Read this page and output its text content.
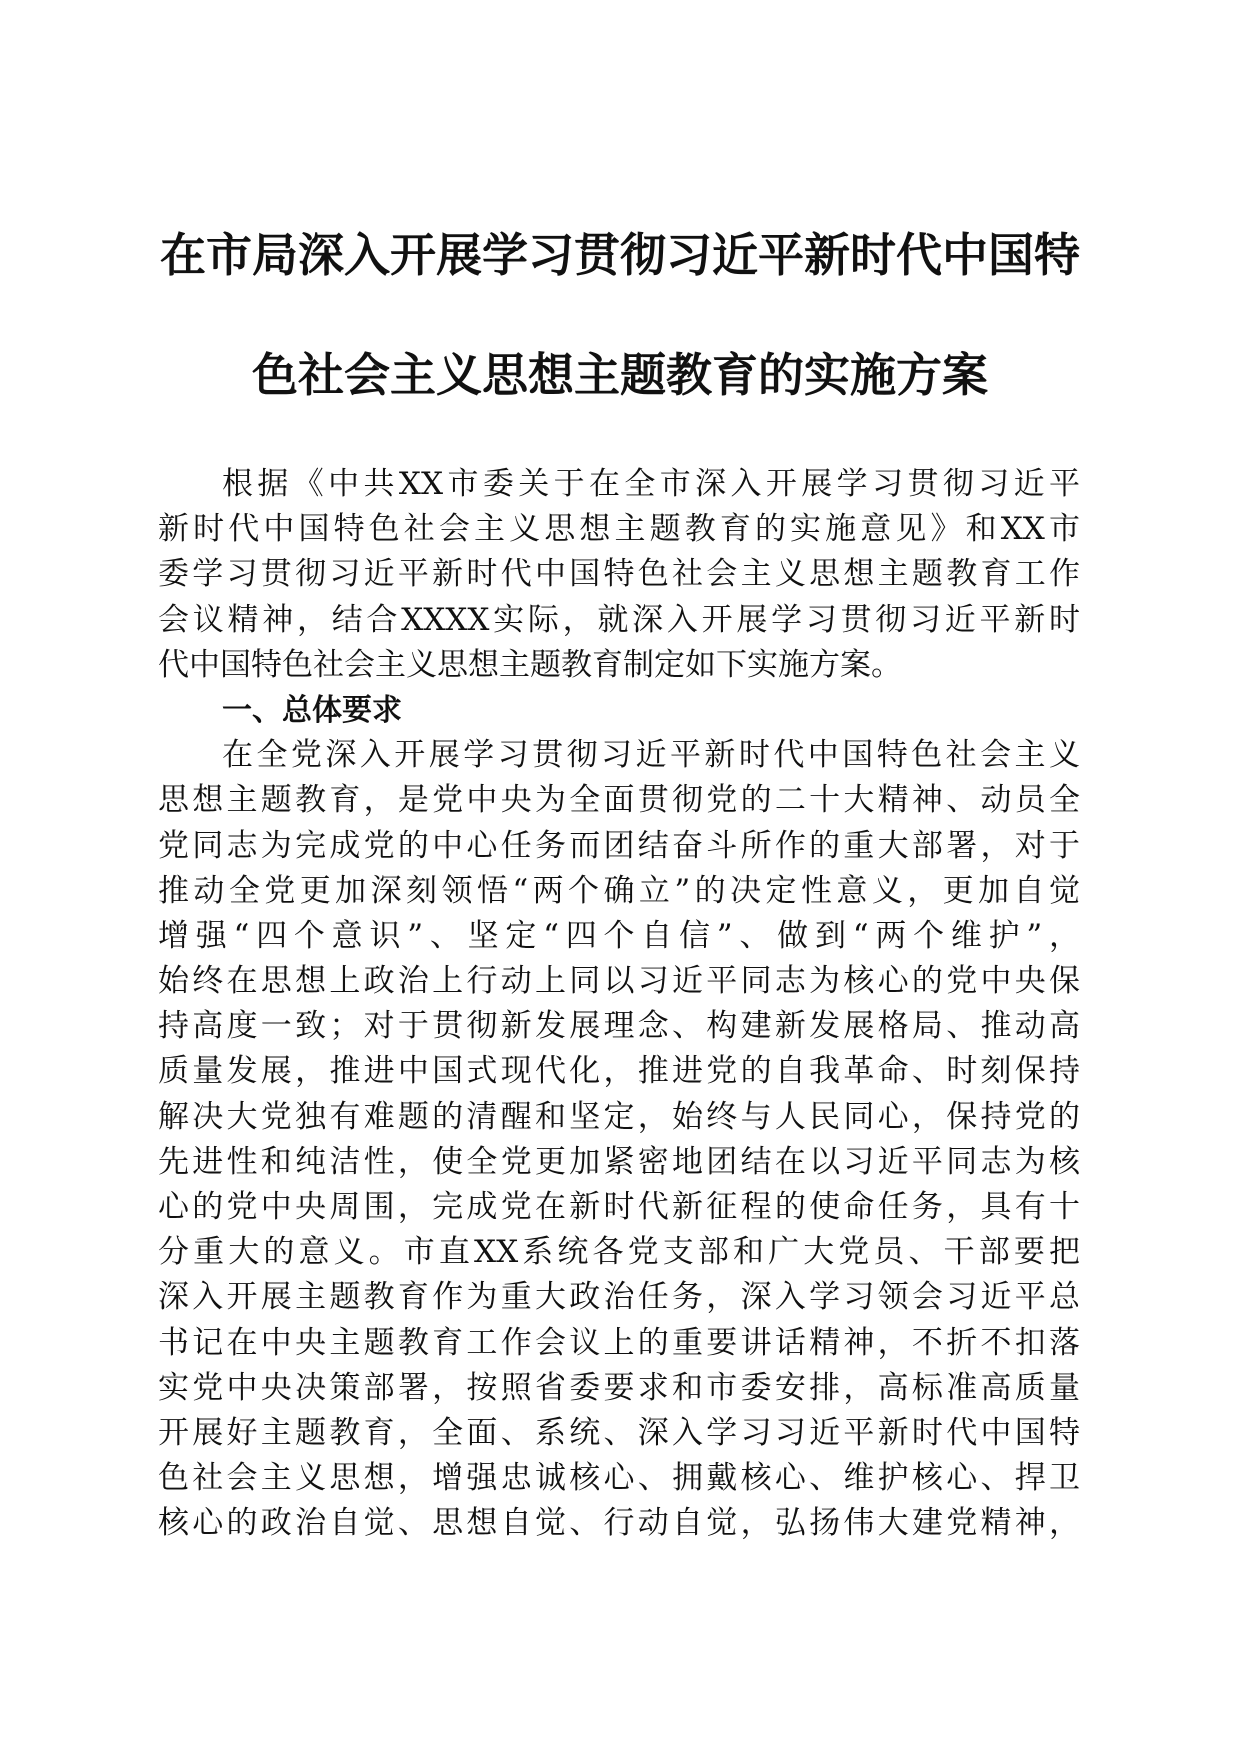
在市局深入开展学习贯彻习近平新时代中国特
色社会主义思想主题教育的实施方案
根据《中共XX市委关于在全市深入开展学习贯彻习近平
新时代中国特色社会主义思想主题教育的实施意见》和XX市
委学习贯彻习近平新时代中国特色社会主义思想主题教育工作
会议精神，结合XXXX实际，就深入开展学习贯彻习近平新时
代中国特色社会主义思想主题教育制定如下实施方案。
一、总体要求
在全党深入开展学习贯彻习近平新时代中国特色社会主义
思想主题教育，是党中央为全面贯彻党的二十大精神、动员全
党同志为完成党的中心任务而团结奋斗所作的重大部署，对于
推动全党更加深刻领悟“两个确立”的决定性意义，更加自觉
增强“四个意识”、坚定“四个自信”、做到“两个维护”，
始终在思想上政治上行动上同以习近平同志为核心的党中央保
持高度一致；对于贯彻新发展理念、构建新发展格局、推动高
质量发展，推进中国式现代化，推进党的自我革命、时刻保持
解决大党独有难题的清醒和坚定，始终与人民同心，保持党的
先进性和纯洁性，使全党更加紧密地团结在以习近平同志为核
心的党中央周围，完成党在新时代新征程的使命任务，具有十
分重大的意义。市直XX系统各党支部和广大党员、干部要把
深入开展主题教育作为重大政治任务，深入学习领会习近平总
书记在中央主题教育工作会议上的重要讲话精神，不折不扣落
实党中央决策部署，按照省委要求和市委安排，高标准高质量
开展好主题教育，全面、系统、深入学习习近平新时代中国特
色社会主义思想，增强忠诚核心、拥戴核心、维护核心、捍卫
核心的政治自觉、思想自觉、行动自觉，弘扬伟大建党精神，
